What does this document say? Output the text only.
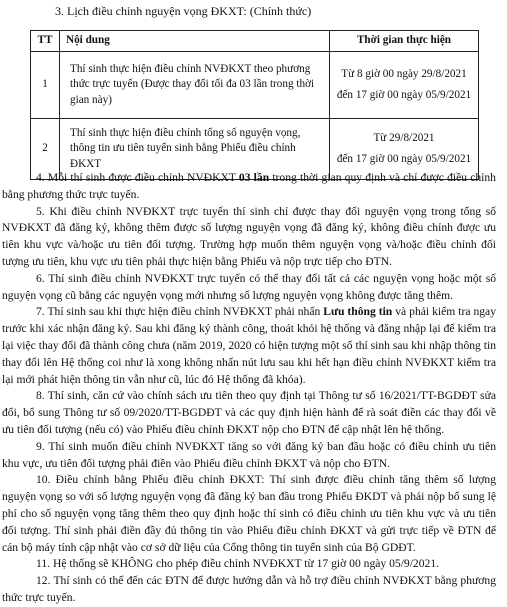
3. Lịch điều chỉnh nguyện vọng ĐKXT: (Chính thức)
TT	Nội dung	Thời gian thực hiện
1	Thí sinh thực hiện điều chỉnh NVĐKXT theo phương thức trực tuyến (Được thay đổi tối đa 03 lần trong thời gian này)	Từ 8 giờ 00 ngày 29/8/2021
đến 17 giờ 00 ngày 05/9/2021

2	Thí sinh thực hiện điều chỉnh tổng số nguyện vọng, thông tin ưu tiên tuyển sinh bằng Phiếu điều chỉnh ĐKXT	Từ 29/8/2021
đến 17 giờ 00 ngày 05/9/2021

4. Mỗi thí sinh được điều chỉnh NVĐKXT 03 lần trong thời gian quy định và chỉ được điều chỉnh bằng phương thức trực tuyến.

5. Khi điều chỉnh NVĐKXT trực tuyến thí sinh chỉ được thay đổi nguyện vọng trong tổng số NVĐKXT đã đăng ký, không thêm được số lượng nguyện vọng đã đăng ký, không điều chỉnh được ưu tiên khu vực và/hoặc ưu tiên đối tượng. Trường hợp muốn thêm nguyện vọng và/hoặc điều chỉnh đối tượng ưu tiên, khu vực ưu tiên phải thực hiện bằng Phiếu và nộp trực tiếp cho ĐTN.

6. Thí sinh điều chỉnh NVĐKXT trực tuyến có thể thay đổi tất cả các nguyện vọng hoặc một số nguyện vọng cũ bằng các nguyện vọng mới nhưng số lượng nguyện vọng không được tăng thêm.

7. Thí sinh sau khi thực hiện điều chỉnh NVĐKXT phải nhấn Lưu thông tin và phải kiểm tra ngay trước khi xác nhận đăng ký. Sau khi đăng ký thành công, thoát khỏi hệ thống và đăng nhập lại để kiểm tra lại việc thay đổi đã thành công chưa (năm 2019, 2020 có hiện tượng một số thí sinh sau khi nhập thông tin thay đổi lên Hệ thống coi như là xong không nhấn nút lưu sau khi hết hạn điều chỉnh NVĐKXT kiểm tra lại mới phát hiện thông tin vẫn như cũ, lúc đó Hệ thống đã khóa).

8. Thí sinh, căn cứ vào chính sách ưu tiên theo quy định tại Thông tư số 16/2021/TT-BGDĐT sửa đổi, bổ sung Thông tư số 09/2020/TT-BGDĐT và các quy định hiện hành để rà soát điền các thay đổi về ưu tiên đối tượng (nếu có) vào Phiếu điều chỉnh ĐKXT nộp cho ĐTN để cập nhật lên hệ thống.

9. Thí sinh muốn điều chỉnh NVĐKXT tăng so với đăng ký ban đầu hoặc có điều chỉnh ưu tiên khu vực, ưu tiên đối tượng phải điền vào Phiếu điều chỉnh ĐKXT và nộp cho ĐTN.

10. Điều chỉnh bằng Phiếu điều chỉnh ĐKXT: Thí sinh được điều chỉnh tăng thêm số lượng nguyện vọng so với số lượng nguyện vọng đã đăng ký ban đầu trong Phiếu ĐKDT và phải nộp bổ sung lệ phí cho số nguyện vọng tăng thêm theo quy định hoặc thí sinh có điều chỉnh ưu tiên khu vực và ưu tiên đối tượng. Thí sinh phải điền đầy đủ thông tin vào Phiếu điều chỉnh ĐKXT và gửi trực tiếp về ĐTN để cán bộ máy tính cập nhật vào cơ sở dữ liệu của Cổng thông tin tuyển sinh của Bộ GDĐT.

11. Hệ thống sẽ KHÔNG cho phép điều chỉnh NVĐKXT từ 17 giờ 00 ngày 05/9/2021.

12. Thí sinh có thể đến các ĐTN để được hướng dẫn và hỗ trợ điều chỉnh NVĐKXT bằng phương thức trực tuyến.
